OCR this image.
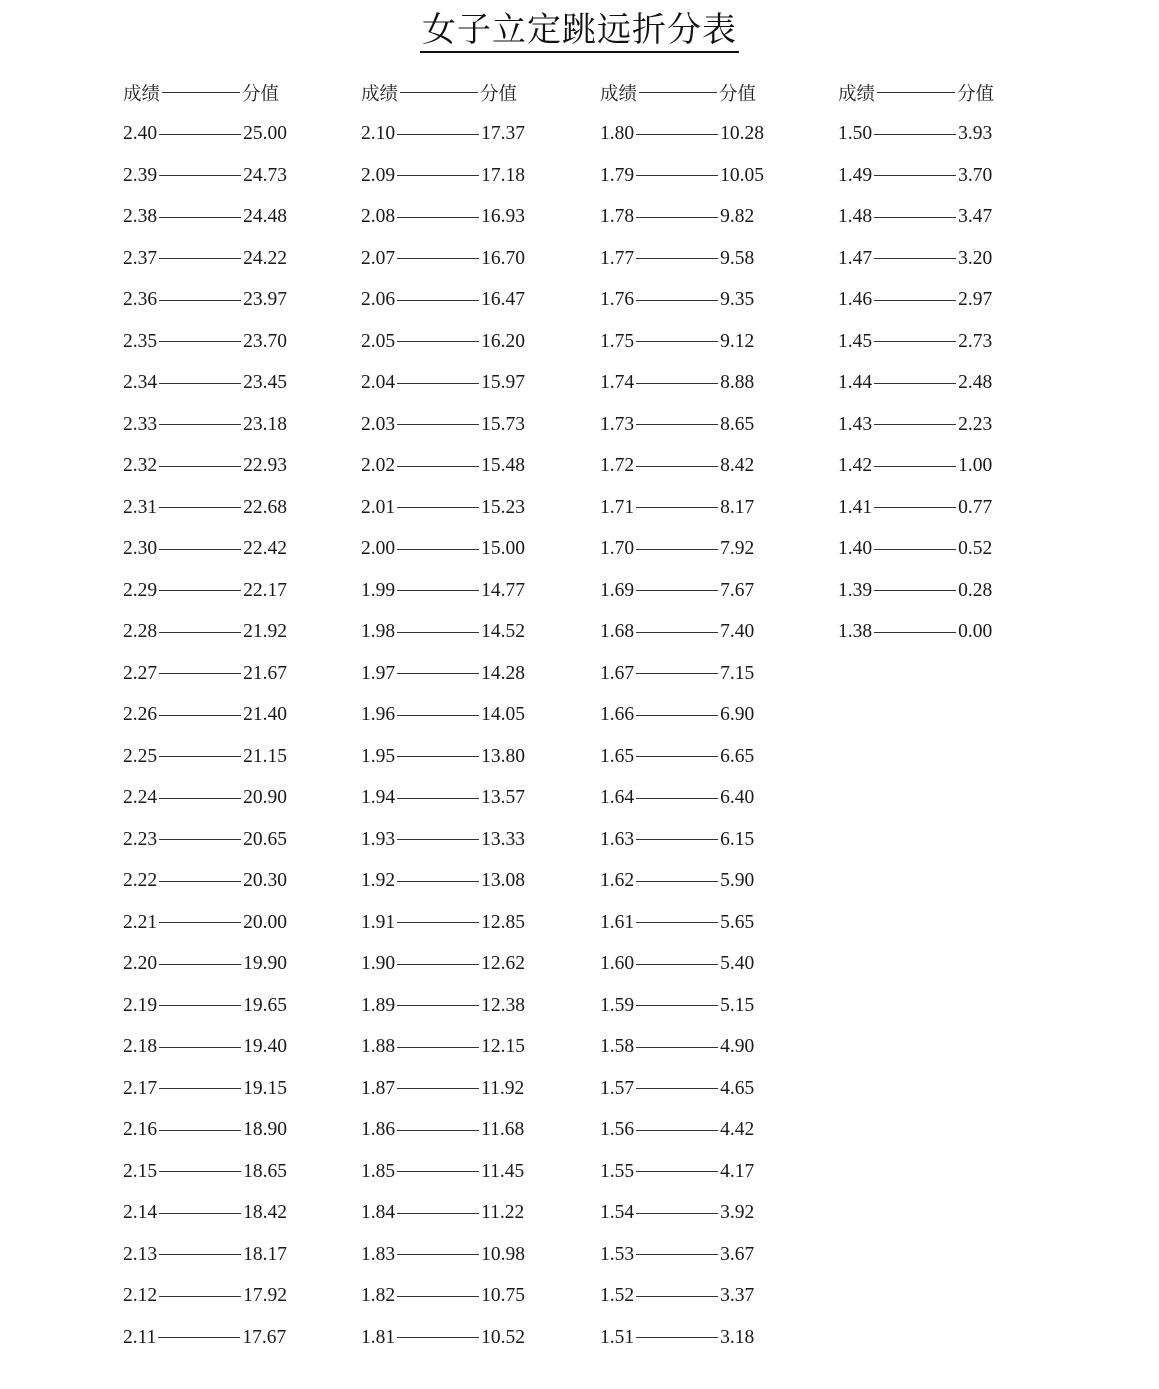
女子立定跳远折分表
成绩	分值
2.40	25.00
2.39	24.73
2.38	24.48
2.37	24.22
2.36	23.97
2.35	23.70
2.34	23.45
2.33	23.18
2.32	22.93
2.31	22.68
2.30	22.42
2.29	22.17
2.28	21.92
2.27	21.67
2.26	21.40
2.25	21.15
2.24	20.90
2.23	20.65
2.22	20.30
2.21	20.00
2.20	19.90
2.19	19.65
2.18	19.40
2.17	19.15
2.16	18.90
2.15	18.65
2.14	18.42
2.13	18.17
2.12	17.92
2.11	17.67
成绩	分值
2.10	17.37
2.09	17.18
2.08	16.93
2.07	16.70
2.06	16.47
2.05	16.20
2.04	15.97
2.03	15.73
2.02	15.48
2.01	15.23
2.00	15.00
1.99	14.77
1.98	14.52
1.97	14.28
1.96	14.05
1.95	13.80
1.94	13.57
1.93	13.33
1.92	13.08
1.91	12.85
1.90	12.62
1.89	12.38
1.88	12.15
1.87	11.92
1.86	11.68
1.85	11.45
1.84	11.22
1.83	10.98
1.82	10.75
1.81	10.52
成绩	分值
1.80	10.28
1.79	10.05
1.78	9.82
1.77	9.58
1.76	9.35
1.75	9.12
1.74	8.88
1.73	8.65
1.72	8.42
1.71	8.17
1.70	7.92
1.69	7.67
1.68	7.40
1.67	7.15
1.66	6.90
1.65	6.65
1.64	6.40
1.63	6.15
1.62	5.90
1.61	5.65
1.60	5.40
1.59	5.15
1.58	4.90
1.57	4.65
1.56	4.42
1.55	4.17
1.54	3.92
1.53	3.67
1.52	3.37
1.51	3.18
成绩	分值
1.50	3.93
1.49	3.70
1.48	3.47
1.47	3.20
1.46	2.97
1.45	2.73
1.44	2.48
1.43	2.23
1.42	1.00
1.41	0.77
1.40	0.52
1.39	0.28
1.38	0.00
